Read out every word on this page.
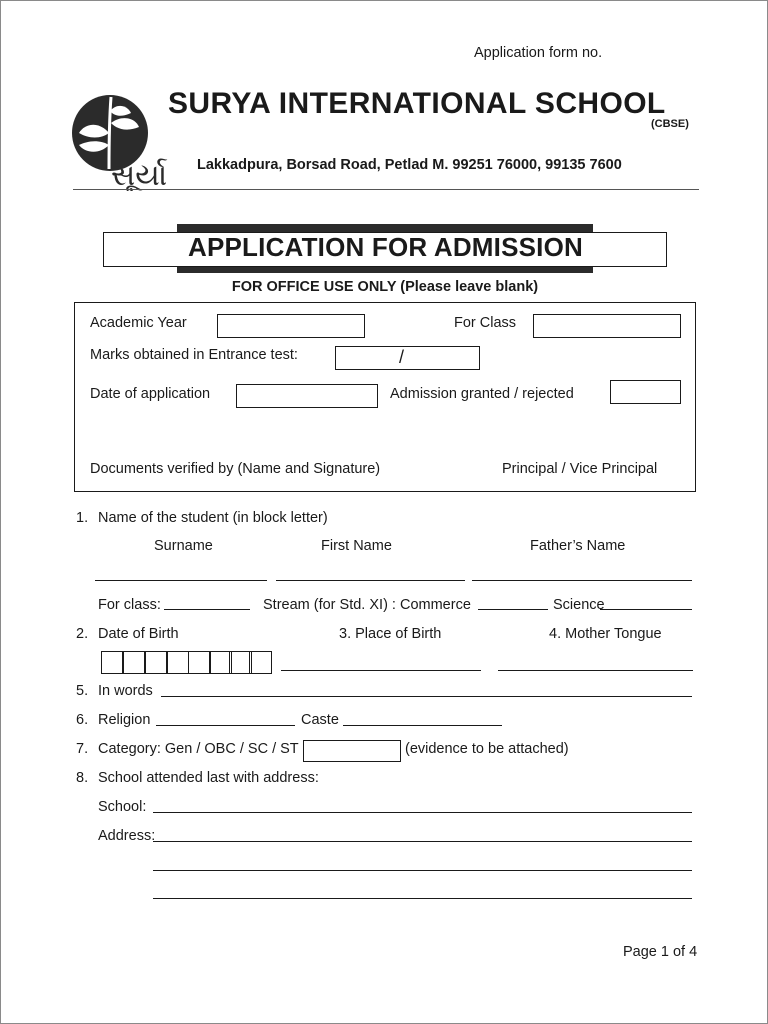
Application form no.
સૂર્યા
SURYA INTERNATIONAL SCHOOL
(CBSE)
Lakkadpura, Borsad Road, Petlad M. 99251 76000, 99135 7600
APPLICATION FOR ADMISSION
FOR OFFICE USE ONLY (Please leave blank)
Academic Year	For Class
Marks obtained in Entrance test:	/
Date of application	Admission granted / rejected
Documents verified by (Name and Signature)	Principal / Vice Principal
1. Name of the student (in block letter)
Surname	First Name	Father’s Name
For class:	Stream (for Std. XI) : Commerce	Science
2. Date of Birth	3. Place of Birth	4. Mother Tongue
5. In words
6. Religion	Caste
7. Category: Gen / OBC / SC / ST	(evidence to be attached)
8. School attended last with address:
School:
Address:
Page 1 of 4
